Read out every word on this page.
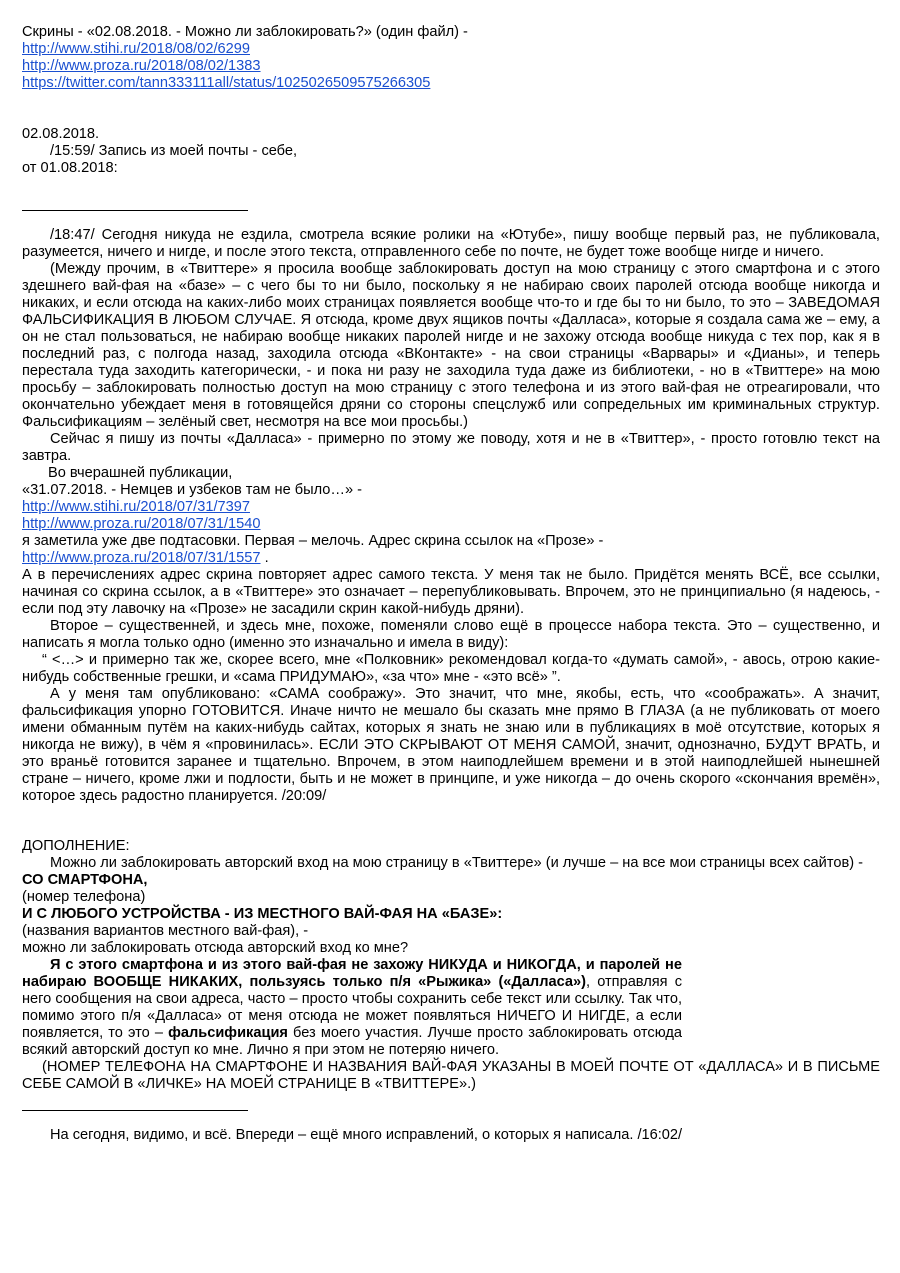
Скрины - «02.08.2018. - Можно ли заблокировать?» (один файл) -
http://www.stihi.ru/2018/08/02/6299
http://www.proza.ru/2018/08/02/1383
https://twitter.com/tann333111all/status/1025026509575266305
02.08.2018.
/15:59/ Запись из моей почты - себе,
от 01.08.2018:
/18:47/ Сегодня никуда не ездила, смотрела всякие ролики на «Ютубе», пишу вообще первый раз, не публиковала, разумеется, ничего и нигде, и после этого текста, отправленного себе по почте, не будет тоже вообще нигде и ничего.
(Между прочим, в «Твиттере» я просила вообще заблокировать доступ на мою страницу с этого смартфона и с этого здешнего вай-фая на «базе» – с чего бы то ни было, поскольку я не набираю своих паролей отсюда вообще никогда и никаких, и если отсюда на каких-либо моих страницах появляется вообще что-то и где бы то ни было, то это – ЗАВЕДОМАЯ ФАЛЬСИФИКАЦИЯ В ЛЮБОМ СЛУЧАЕ. Я отсюда, кроме двух ящиков почты «Далласа», которые я создала сама же – ему, а он не стал пользоваться, не набираю вообще никаких паролей нигде и не захожу отсюда вообще никуда с тех пор, как я в последний раз, с полгода назад, заходила отсюда «ВКонтакте» - на свои страницы «Варвары» и «Дианы», и теперь перестала туда заходить категорически, - и пока ни разу не заходила туда даже из библиотеки, - но в «Твиттере» на мою просьбу – заблокировать полностью доступ на мою страницу с этого телефона и из этого вай-фая не отреагировали, что окончательно убеждает меня в готовящейся дряни со стороны спецслужб или сопредельных им криминальных структур. Фальсификациям – зелёный свет, несмотря на все мои просьбы.)
Сейчас я пишу из почты «Далласа» - примерно по этому же поводу, хотя и не в «Твиттер», - просто готовлю текст на завтра.
Во вчерашней публикации,
«31.07.2018. - Немцев и узбеков там не было…» -
http://www.stihi.ru/2018/07/31/7397
http://www.proza.ru/2018/07/31/1540
я заметила уже две подтасовки. Первая – мелочь. Адрес скрина ссылок на «Прозе» -
http://www.proza.ru/2018/07/31/1557 .
А в перечислениях адрес скрина повторяет адрес самого текста. У меня так не было. Придётся менять ВСЁ, все ссылки, начиная со скрина ссылок, а в «Твиттере» это означает – перепубликовывать. Впрочем, это не принципиально (я надеюсь, - если под эту лавочку на «Прозе» не засадили скрин какой-нибудь дряни).
Второе – существенней, и здесь мне, похоже, поменяли слово ещё в процессе набора текста. Это – существенно, и написать я могла только одно (именно это изначально и имела в виду):
“ <…> и примерно так же, скорее всего, мне «Полковник» рекомендовал когда-то «думать самой», - авось, отрою какие-нибудь собственные грешки, и «сама ПРИДУМАЮ», «за что» мне - «это всё» ”.
А у меня там опубликовано: «САМА соображу». Это значит, что мне, якобы, есть, что «соображать». А значит, фальсификация упорно ГОТОВИТСЯ. Иначе ничто не мешало бы сказать мне прямо В ГЛАЗА (а не публиковать от моего имени обманным путём на каких-нибудь сайтах, которых я знать не знаю или в публикациях в моё отсутствие, которых я никогда не вижу), в чём я «провинилась». ЕСЛИ ЭТО СКРЫВАЮТ ОТ МЕНЯ САМОЙ, значит, однозначно, БУДУТ ВРАТЬ, и это враньё готовится заранее и тщательно. Впрочем, в этом наиподлейшем времени и в этой наиподлейшей нынешней стране – ничего, кроме лжи и подлости, быть и не может в принципе, и уже никогда – до очень скорого «скончания времён», которое здесь радостно планируется. /20:09/
ДОПОЛНЕНИЕ:
Можно ли заблокировать авторский вход на мою страницу в «Твиттере» (и лучше – на все мои страницы всех сайтов) -
СО СМАРТФОНА,
(номер телефона)
И С ЛЮБОГО УСТРОЙСТВА - ИЗ МЕСТНОГО ВАЙ-ФАЯ НА «БАЗЕ»:
(названия вариантов местного вай-фая), -
можно ли заблокировать отсюда авторский вход ко мне?
Я с этого смартфона и из этого вай-фая не захожу НИКУДА и НИКОГДА, и паролей не набираю ВООБЩЕ НИКАКИХ, пользуясь только п/я «Рыжика» («Далласа»), отправляя с него сообщения на свои адреса, часто – просто чтобы сохранить себе текст или ссылку. Так что, помимо этого п/я «Далласа» от меня отсюда не может появляться НИЧЕГО И НИГДЕ, а если появляется, то это – фальсификация без моего участия. Лучше просто заблокировать отсюда всякий авторский доступ ко мне. Лично я при этом не потеряю ничего.
(НОМЕР ТЕЛЕФОНА НА СМАРТФОНЕ И НАЗВАНИЯ ВАЙ-ФАЯ УКАЗАНЫ В МОЕЙ ПОЧТЕ ОТ «ДАЛЛАСА» И В ПИСЬМЕ СЕБЕ САМОЙ В «ЛИЧКЕ» НА МОЕЙ СТРАНИЦЕ В «ТВИТТЕРЕ».)
На сегодня, видимо, и всё. Впереди – ещё много исправлений, о которых я написала. /16:02/
